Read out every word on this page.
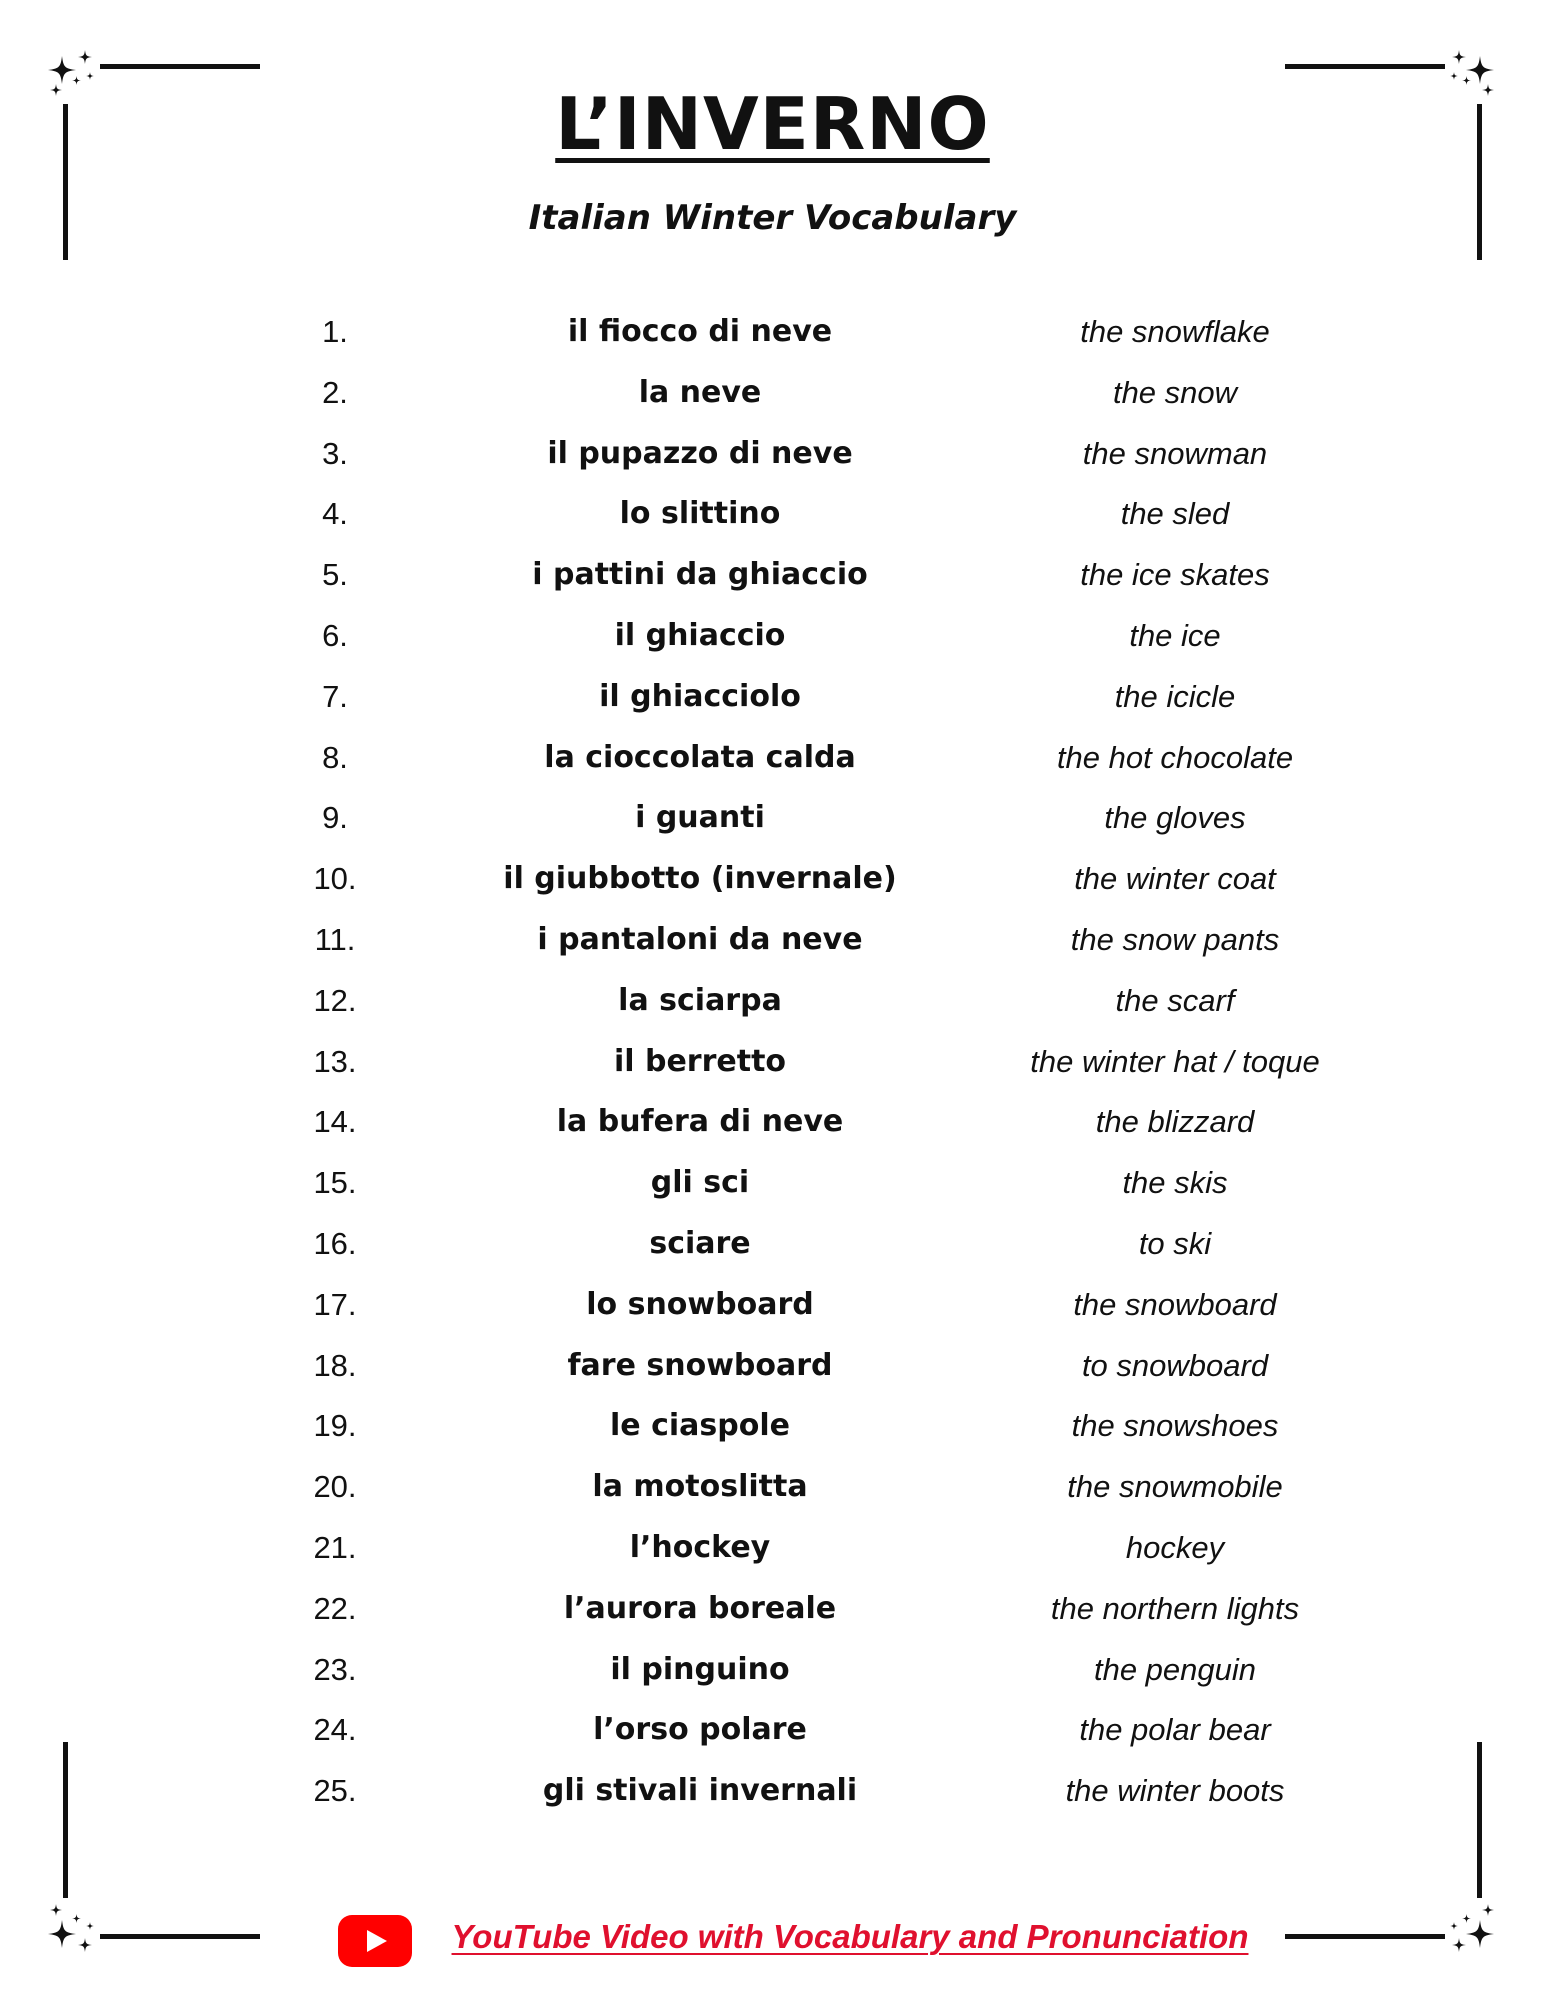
L’INVERNO
Italian Winter Vocabulary
1.	il fiocco di neve	the snowflake
2.	la neve	the snow
3.	il pupazzo di neve	the snowman
4.	lo slittino	the sled
5.	i pattini da ghiaccio	the ice skates
6.	il ghiaccio	the ice
7.	il ghiacciolo	the icicle
8.	la cioccolata calda	the hot chocolate
9.	i guanti	the gloves
10.	il giubbotto (invernale)	the winter coat
11.	i pantaloni da neve	the snow pants
12.	la sciarpa	the scarf
13.	il berretto	the winter hat / toque
14.	la bufera di neve	the blizzard
15.	gli sci	the skis
16.	sciare	to ski
17.	lo snowboard	the snowboard
18.	fare snowboard	to snowboard
19.	le ciaspole	the snowshoes
20.	la motoslitta	the snowmobile
21.	l’hockey	hockey
22.	l’aurora boreale	the northern lights
23.	il pinguino	the penguin
24.	l’orso polare	the polar bear
25.	gli stivali invernali	the winter boots
YouTube Video with Vocabulary and Pronunciation
